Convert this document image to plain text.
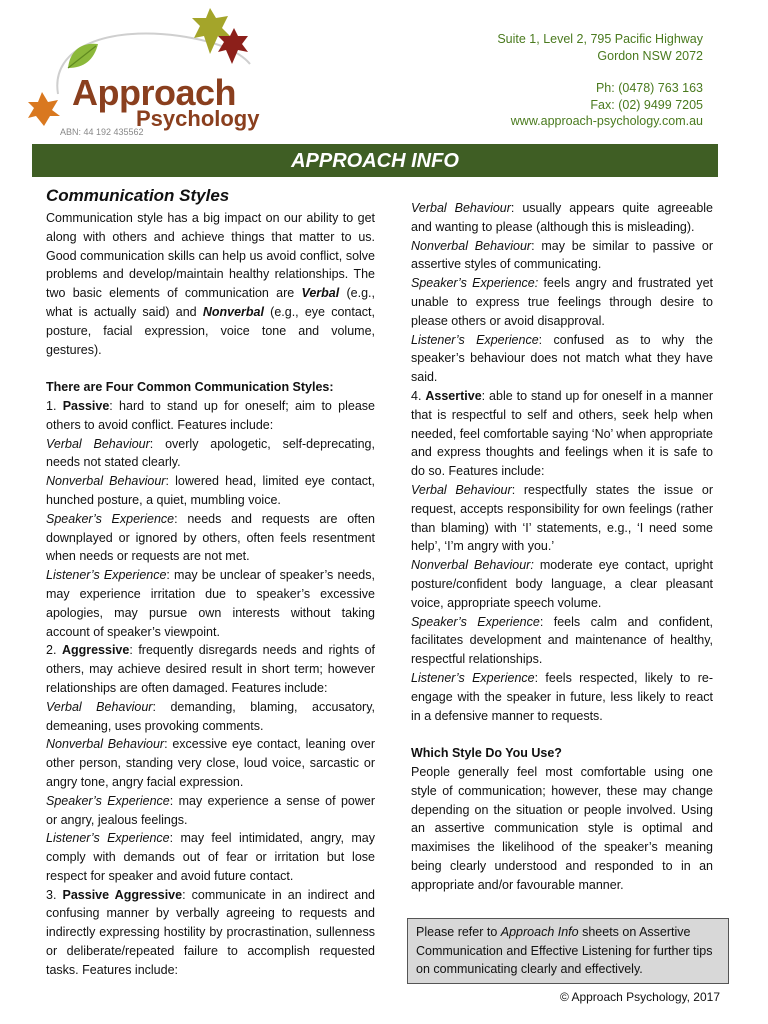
Approach
Psychology
ABN: 44 192 435562
Suite 1, Level 2, 795 Pacific Highway
Gordon NSW 2072
Ph: (0478) 763 163
Fax: (02) 9499 7205
www.approach-psychology.com.au
APPROACH INFO
Communication Styles

Communication style has a big impact on our ability to get along with others and achieve things that matter to us. Good communication skills can help us avoid conflict, solve problems and develop/maintain healthy relationships. The two basic elements of communication are Verbal (e.g., what is actually said) and Nonverbal (e.g., eye contact, posture, facial expression, voice tone and volume, gestures).

There are Four Common Communication Styles:

1. Passive: hard to stand up for oneself; aim to please others to avoid conflict. Features include:

Verbal Behaviour: overly apologetic, self-deprecating, needs not stated clearly.

Nonverbal Behaviour: lowered head, limited eye contact, hunched posture, a quiet, mumbling voice.

Speaker’s Experience: needs and requests are often downplayed or ignored by others, often feels resentment when needs or requests are not met.

Listener’s Experience: may be unclear of speaker’s needs, may experience irritation due to speaker’s excessive apologies, may pursue own interests without taking account of speaker’s viewpoint.

2. Aggressive: frequently disregards needs and rights of others, may achieve desired result in short term; however relationships are often damaged. Features include:

Verbal Behaviour: demanding, blaming, accusatory, demeaning, uses provoking comments.

Nonverbal Behaviour: excessive eye contact, leaning over other person, standing very close, loud voice, sarcastic or angry tone, angry facial expression.

Speaker’s Experience: may experience a sense of power or angry, jealous feelings.

Listener’s Experience: may feel intimidated, angry, may comply with demands out of fear or irritation but lose respect for speaker and avoid future contact.

3. Passive Aggressive: communicate in an indirect and confusing manner by verbally agreeing to requests and indirectly expressing hostility by procrastination, sullenness or deliberate/repeated failure to accomplish requested tasks. Features include:

Verbal Behaviour: usually appears quite agreeable and wanting to please (although this is misleading).

Nonverbal Behaviour: may be similar to passive or assertive styles of communicating.

Speaker’s Experience: feels angry and frustrated yet unable to express true feelings through desire to please others or avoid disapproval.

Listener’s Experience: confused as to why the speaker’s behaviour does not match what they have said.

4. Assertive: able to stand up for oneself in a manner that is respectful to self and others, seek help when needed, feel comfortable saying ‘No’ when appropriate and express thoughts and feelings when it is safe to do so. Features include:

Verbal Behaviour: respectfully states the issue or request, accepts responsibility for own feelings (rather than blaming) with ‘I’ statements, e.g., ‘I need some help’, ‘I’m angry with you.’

Nonverbal Behaviour: moderate eye contact, upright posture/confident body language, a clear pleasant voice, appropriate speech volume.

Speaker’s Experience: feels calm and confident, facilitates development and maintenance of healthy, respectful relationships.

Listener’s Experience: feels respected, likely to re-engage with the speaker in future, less likely to react in a defensive manner to requests.

Which Style Do You Use?

People generally feel most comfortable using one style of communication; however, these may change depending on the situation or people involved. Using an assertive communication style is optimal and maximises the likelihood of the speaker’s meaning being clearly understood and responded to in an appropriate and/or favourable manner.

Please refer to Approach Info sheets on Assertive Communication and Effective Listening for further tips on communicating clearly and effectively.
© Approach Psychology, 2017
